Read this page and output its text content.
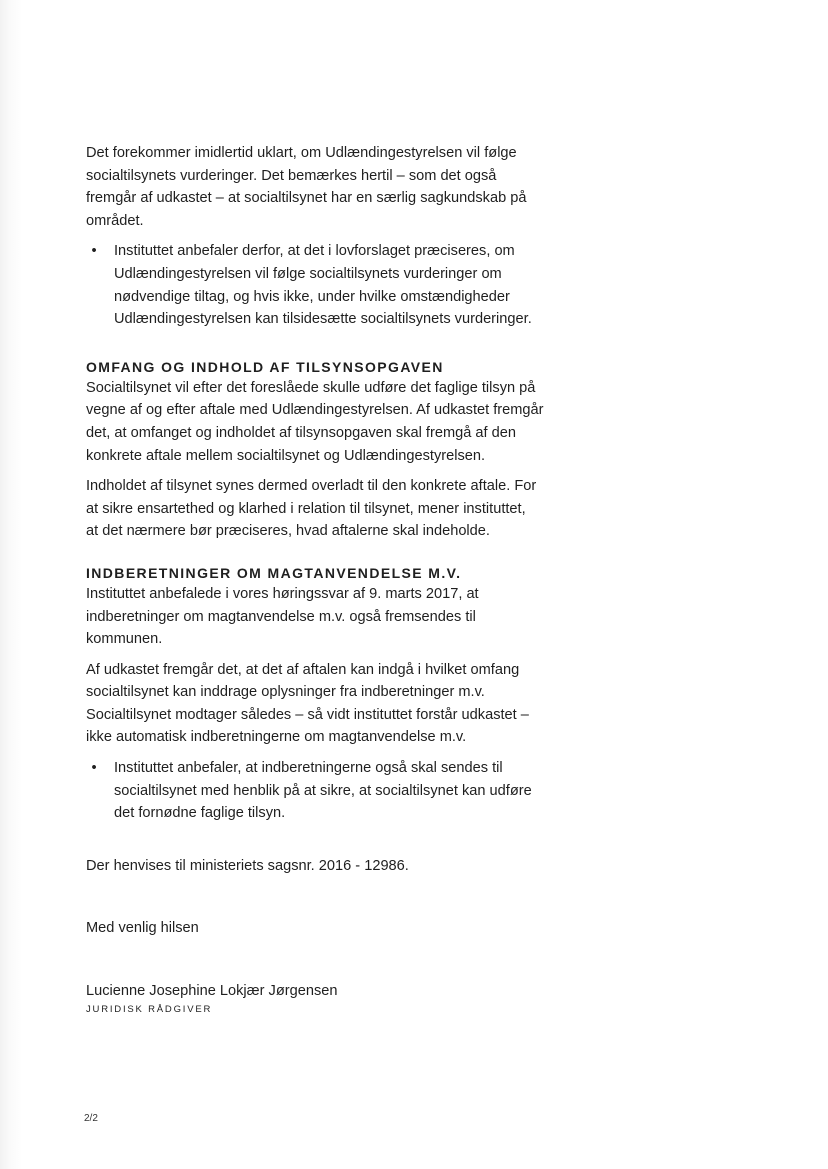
Det forekommer imidlertid uklart, om Udlændingestyrelsen vil følge
socialtilsynets vurderinger. Det bemærkes hertil – som det også
fremgår af udkastet – at socialtilsynet har en særlig sagkundskab på
området.
• Instituttet anbefaler derfor, at det i lovforslaget præciseres, om
Udlændingestyrelsen vil følge socialtilsynets vurderinger om
nødvendige tiltag, og hvis ikke, under hvilke omstændigheder
Udlændingestyrelsen kan tilsidesætte socialtilsynets vurderinger.
OMFANG OG INDHOLD AF TILSYNSOPGAVEN
Socialtilsynet vil efter det foreslåede skulle udføre det faglige tilsyn på
vegne af og efter aftale med Udlændingestyrelsen. Af udkastet fremgår
det, at omfanget og indholdet af tilsynsopgaven skal fremgå af den
konkrete aftale mellem socialtilsynet og Udlændingestyrelsen.
Indholdet af tilsynet synes dermed overladt til den konkrete aftale. For
at sikre ensartethed og klarhed i relation til tilsynet, mener instituttet,
at det nærmere bør præciseres, hvad aftalerne skal indeholde.
INDBERETNINGER OM MAGTANVENDELSE M.V.
Instituttet anbefalede i vores høringssvar af 9. marts 2017, at
indberetninger om magtanvendelse m.v. også fremsendes til
kommunen.
Af udkastet fremgår det, at det af aftalen kan indgå i hvilket omfang
socialtilsynet kan inddrage oplysninger fra indberetninger m.v.
Socialtilsynet modtager således – så vidt instituttet forstår udkastet –
ikke automatisk indberetningerne om magtanvendelse m.v.
• Instituttet anbefaler, at indberetningerne også skal sendes til
socialtilsynet med henblik på at sikre, at socialtilsynet kan udføre
det fornødne faglige tilsyn.
Der henvises til ministeriets sagsnr. 2016 - 12986.
Med venlig hilsen
Lucienne Josephine Lokjær Jørgensen
JURIDISK RÅDGIVER
2/2
